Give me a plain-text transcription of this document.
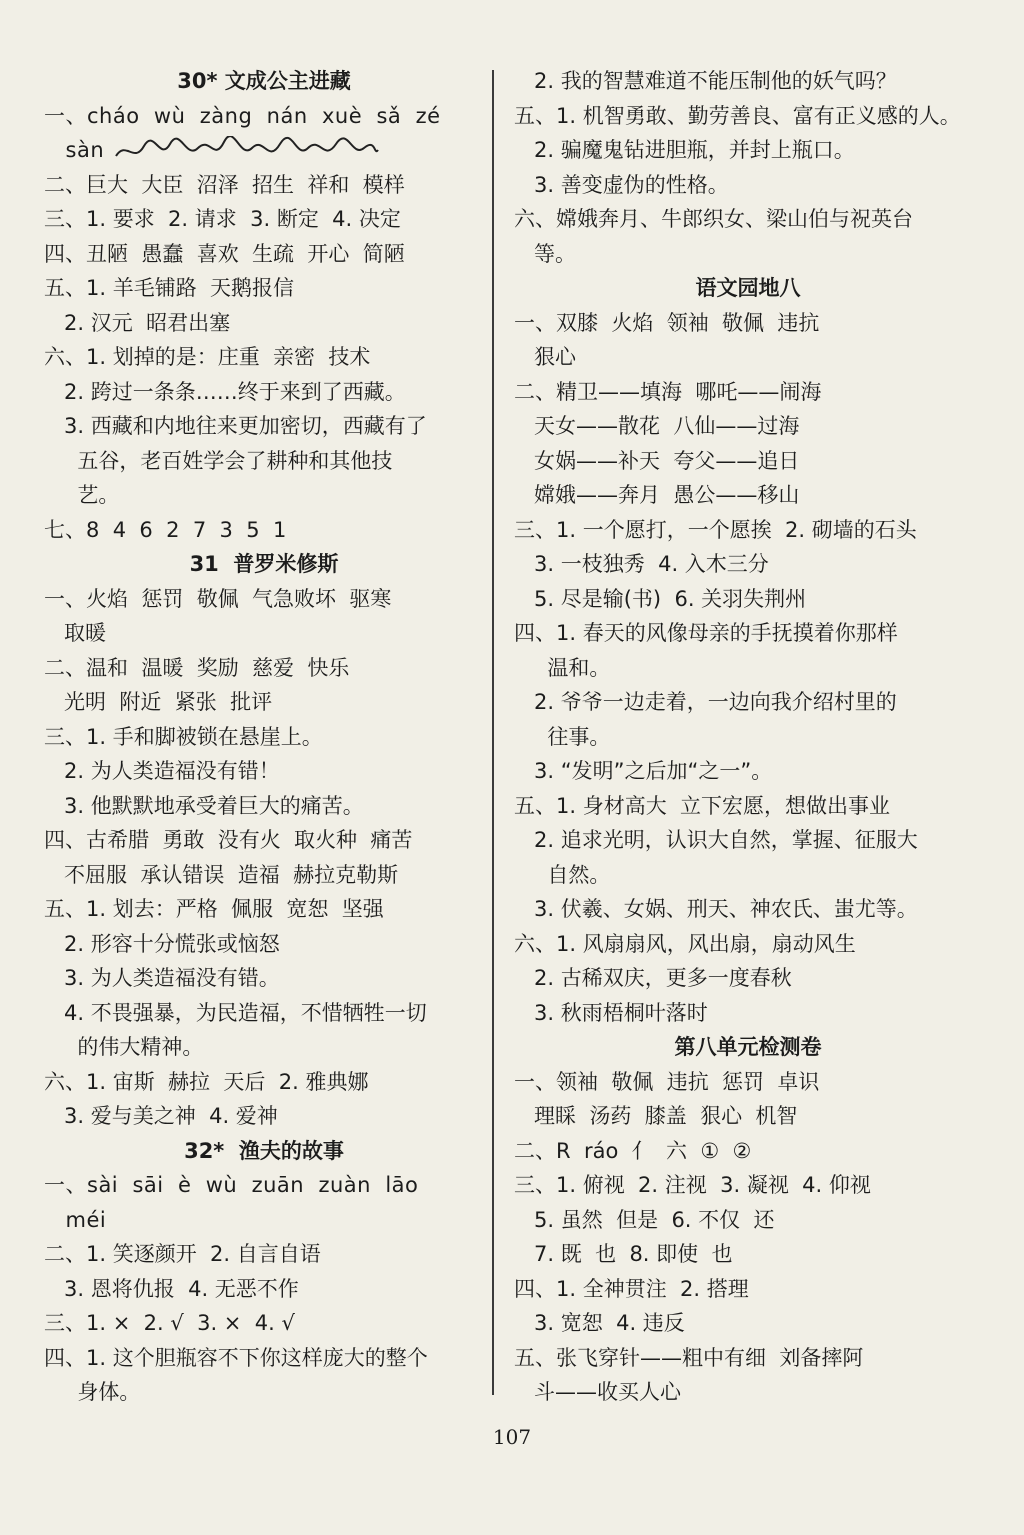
30* 文成公主进藏
一、cháo  wù  zàng  nán  xuè  sǎ  zé
sàn
二、巨大  大臣  沼泽  招生  祥和  模样
三、1. 要求  2. 请求  3. 断定  4. 决定
四、丑陋  愚蠢  喜欢  生疏  开心  简陋
五、1. 羊毛铺路  天鹅报信
2. 汉元  昭君出塞
六、1. 划掉的是：庄重  亲密  技术
2. 跨过一条条……终于来到了西藏。
3. 西藏和内地往来更加密切，西藏有了
五谷，老百姓学会了耕种和其他技
艺。
七、8  4  6  2  7  3  5  1
31  普罗米修斯
一、火焰  惩罚  敬佩  气急败坏  驱寒
取暖
二、温和  温暖  奖励  慈爱  快乐
光明  附近  紧张  批评
三、1. 手和脚被锁在悬崖上。
2. 为人类造福没有错！
3. 他默默地承受着巨大的痛苦。
四、古希腊  勇敢  没有火  取火种  痛苦
不屈服  承认错误  造福  赫拉克勒斯
五、1. 划去：严格  佩服  宽恕  坚强
2. 形容十分慌张或恼怒
3. 为人类造福没有错。
4. 不畏强暴，为民造福，不惜牺牲一切
的伟大精神。
六、1. 宙斯  赫拉  天后  2. 雅典娜
3. 爱与美之神  4. 爱神
32*  渔夫的故事
一、sài  sāi  è  wù  zuān  zuàn  lāo
méi
二、1. 笑逐颜开  2. 自言自语
3. 恩将仇报  4. 无恶不作
三、1. ×  2. √  3. ×  4. √
四、1. 这个胆瓶容不下你这样庞大的整个
身体。
2. 我的智慧难道不能压制他的妖气吗？
五、1. 机智勇敢、勤劳善良、富有正义感的人。
2. 骗魔鬼钻进胆瓶，并封上瓶口。
3. 善变虚伪的性格。
六、嫦娥奔月、牛郎织女、梁山伯与祝英台
等。
语文园地八
一、双膝  火焰  领袖  敬佩  违抗
狠心
二、精卫——填海  哪吒——闹海
天女——散花  八仙——过海
女娲——补天  夸父——追日
嫦娥——奔月  愚公——移山
三、1. 一个愿打，一个愿挨  2. 砌墙的石头
3. 一枝独秀  4. 入木三分
5. 尽是输(书)  6. 关羽失荆州
四、1. 春天的风像母亲的手抚摸着你那样
温和。
2. 爷爷一边走着，一边向我介绍村里的
往事。
3. “发明”之后加“之一”。
五、1. 身材高大  立下宏愿，想做出事业
2. 追求光明，认识大自然，掌握、征服大
自然。
3. 伏羲、女娲、刑天、神农氏、蚩尤等。
六、1. 风扇扇风，风出扇，扇动风生
2. 古稀双庆，更多一度春秋
3. 秋雨梧桐叶落时
第八单元检测卷
一、领袖  敬佩  违抗  惩罚  卓识
理睬  汤药  膝盖  狠心  机智
二、R  ráo  亻  六  ①  ②
三、1. 俯视  2. 注视  3. 凝视  4. 仰视
5. 虽然  但是  6. 不仅  还
7. 既  也  8. 即使  也
四、1. 全神贯注  2. 搭理
3. 宽恕  4. 违反
五、张飞穿针——粗中有细  刘备摔阿
斗——收买人心
107
